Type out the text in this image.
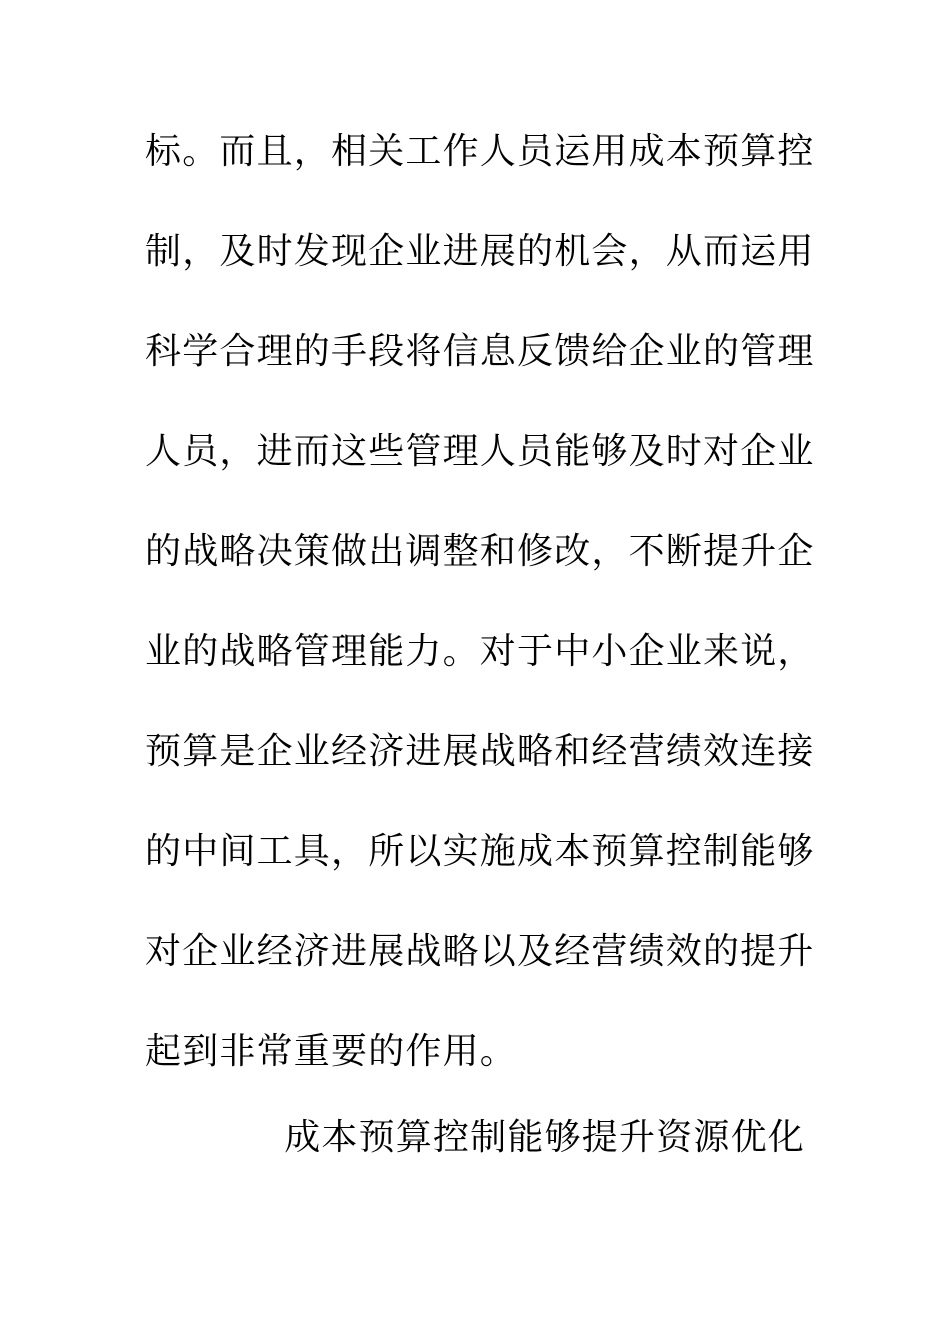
标。而且，相关工作人员运用成本预算控
制，及时发现企业进展的机会，从而运用
科学合理的手段将信息反馈给企业的管理
人员，进而这些管理人员能够及时对企业
的战略决策做出调整和修改，不断提升企
业的战略管理能力。对于中小企业来说，
预算是企业经济进展战略和经营绩效连接
的中间工具，所以实施成本预算控制能够
对企业经济进展战略以及经营绩效的提升
起到非常重要的作用。
成本预算控制能够提升资源优化
